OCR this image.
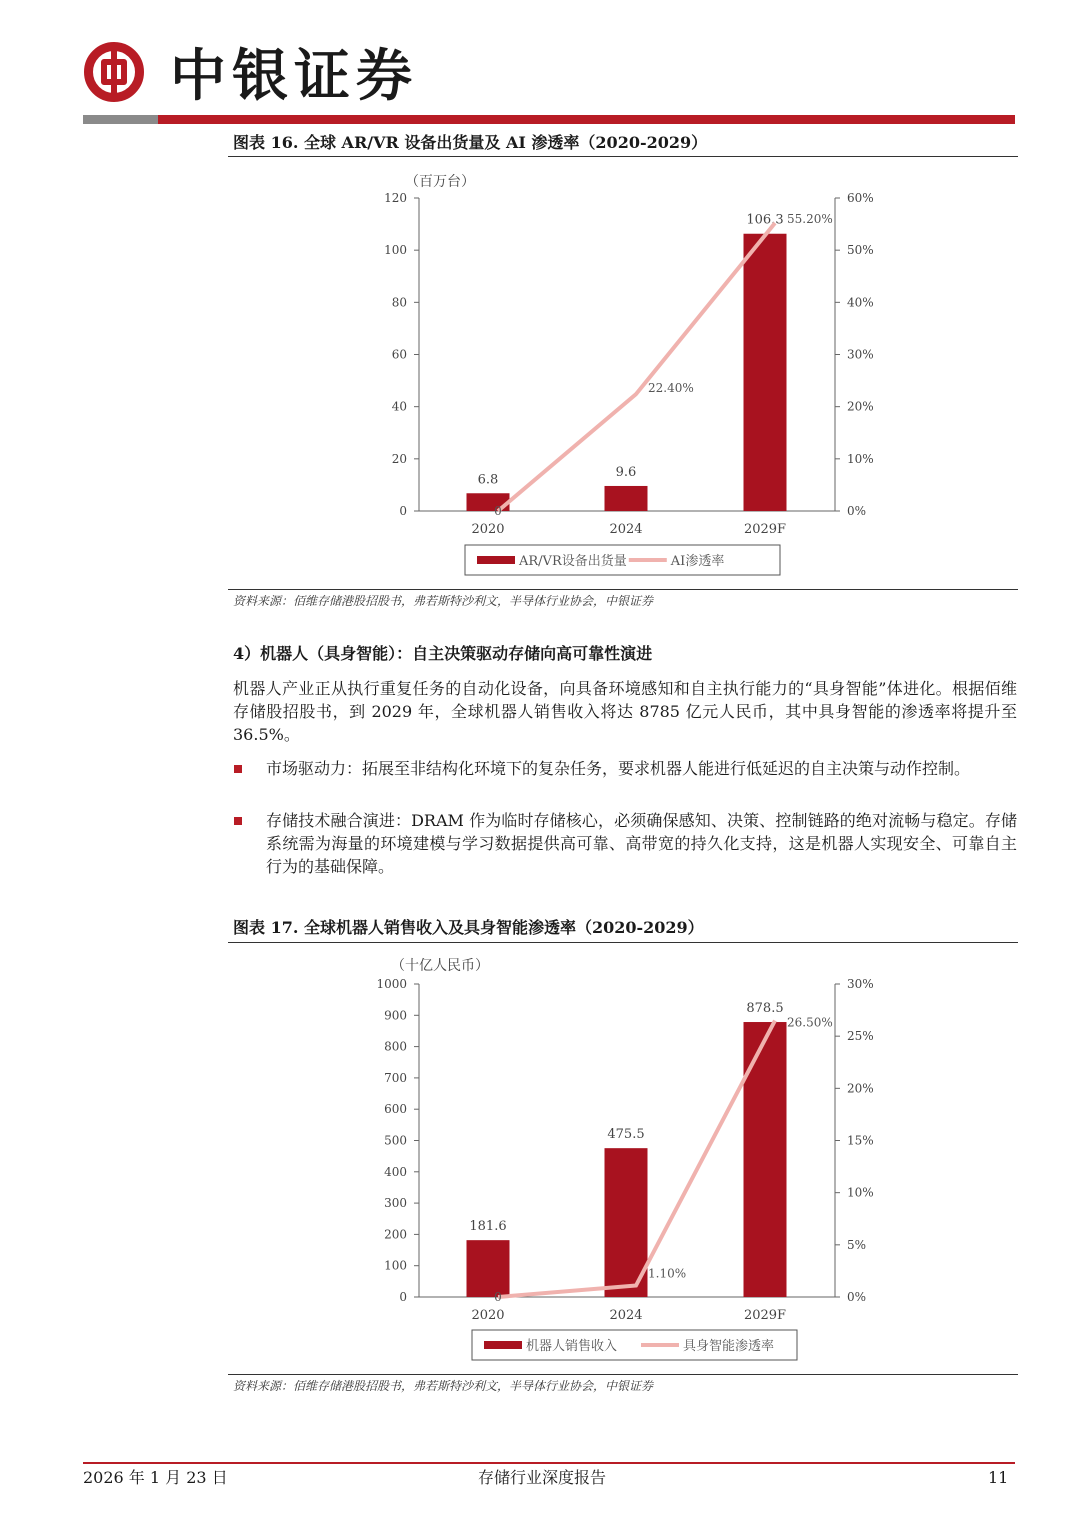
中银证券
图表 16. 全球 AR/VR 设备出货量及 AI 渗透率（2020-2029）
（百万台）
0
20
40
60
80
100
120
0%
10%
20%
30%
40%
50%
60%
2020	2024	2029F
6.8	9.6
106.3
0
22.40%
55.20%
AR/VR设备出货量	AI渗透率
资料来源：佰维存储港股招股书，弗若斯特沙利文，半导体行业协会，中银证券
4）机器人（具身智能）：自主决策驱动存储向高可靠性演进

机器人产业正从执行重复任务的自动化设备，向具备环境感知和自主执行能力的“具身智能”体进化。根据佰维存储股招股书，到 2029 年，全球机器人销售收入将达 8785 亿元人民币，其中具身智能的渗透率将提升至 36.5%。

市场驱动力：拓展至非结构化环境下的复杂任务，要求机器人能进行低延迟的自主决策与动作控制。

存储技术融合演进：DRAM 作为临时存储核心，必须确保感知、决策、控制链路的绝对流畅与稳定。存储系统需为海量的环境建模与学习数据提供高可靠、高带宽的持久化支持，这是机器人实现安全、可靠自主行为的基础保障。

图表 17. 全球机器人销售收入及具身智能渗透率（2020-2029）
（十亿人民币）
0
100
200
300
400
500
600
700
800
900
1000
0%
5%
10%
15%
20%
25%
30%
2020	2024	2029F
181.6
475.5
878.5
0
1.10%
26.50%
机器人销售收入	具身智能渗透率
资料来源：佰维存储港股招股书，弗若斯特沙利文，半导体行业协会，中银证券
2026 年 1 月 23 日	存储行业深度报告	11
